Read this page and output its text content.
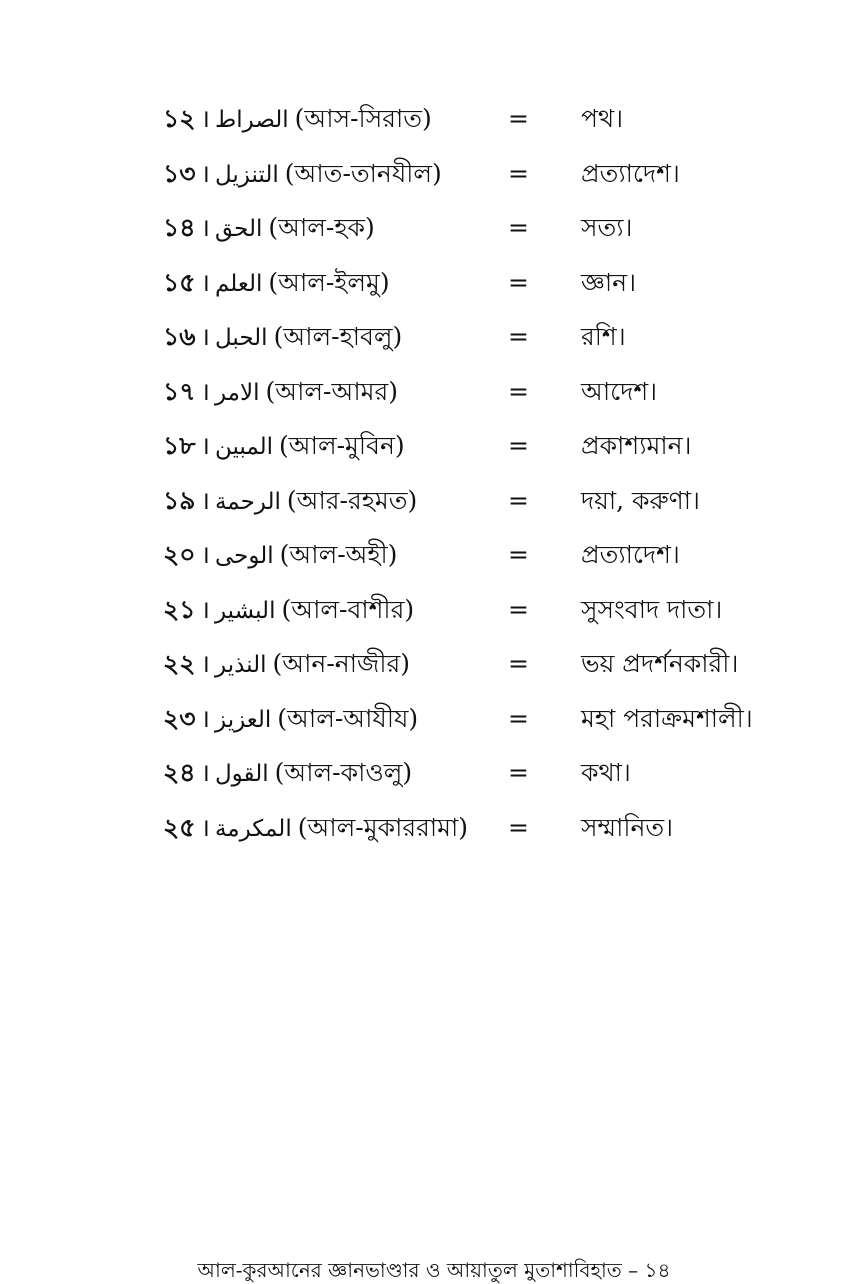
১২ । الصراط (আস-সিরাত)	= পথ।
১৩ । التنزيل (আত-তানযীল)	= প্রত্যাদেশ।
১৪ । الحق (আল-হক)	= সত্য।
১৫ । العلم (আল-ইলমু)	= জ্ঞান।
১৬ । الحبل (আল-হাবলু)	= রশি।
১৭ । الامر (আল-আমর)	= আদেশ।
১৮ । المبين (আল-মুবিন)	= প্রকাশ্যমান।
১৯ । الرحمة (আর-রহমত)	= দয়া, করুণা।
২০ । الوحى (আল-অহী)	= প্রত্যাদেশ।
২১ । البشير (আল-বাশীর)	= সুসংবাদ দাতা।
২২ । النذير (আন-নাজীর)	= ভয় প্রদর্শনকারী।
২৩ । العزيز (আল-আযীয)	= মহা পরাক্রমশালী।
২৪ । القول (আল-কাওলু)	= কথা।
২৫ । المكرمة (আল-মুকাররামা) = সম্মানিত।
আল-কুরআনের জ্ঞানভাণ্ডার ও আয়াতুল মুতাশাবিহাত – ১৪
